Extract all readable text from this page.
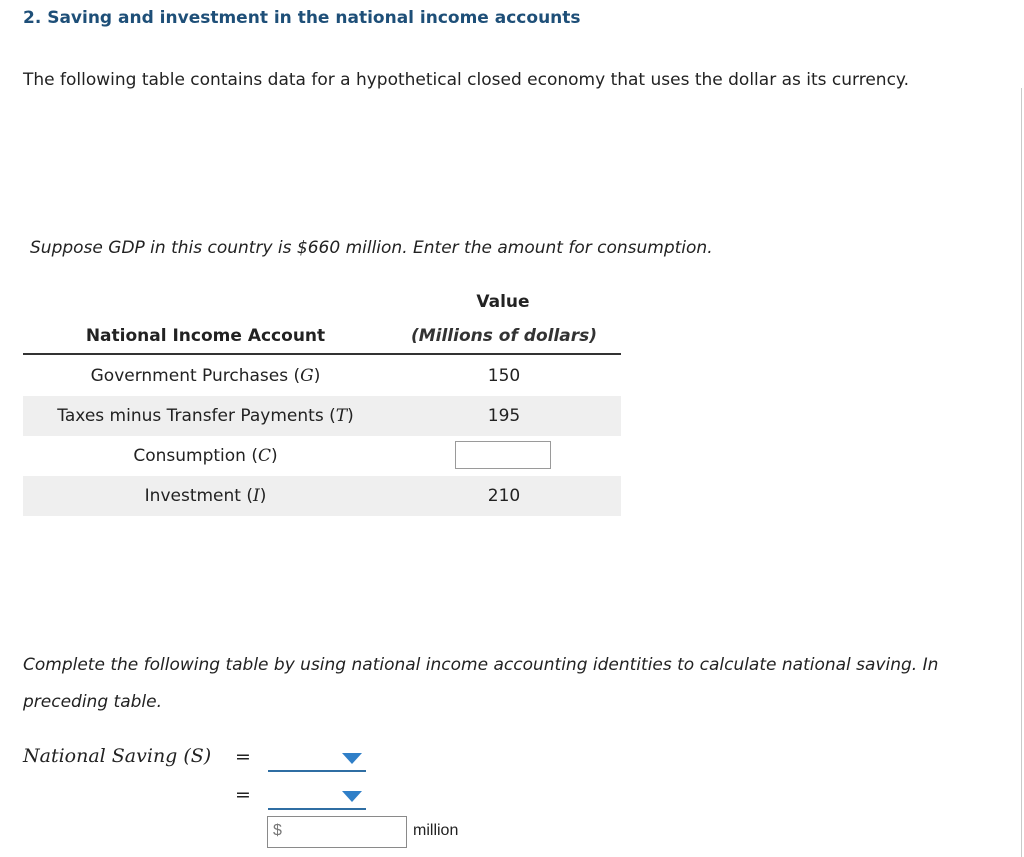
2. Saving and investment in the national income accounts
The following table contains data for a hypothetical closed economy that uses the dollar as its currency.
Suppose GDP in this country is $660 million. Enter the amount for consumption.
Value
National Income Account	(Millions of dollars)
Government Purchases (G)	150
Taxes minus Transfer Payments (T)	195
Consumption (C)
Investment (I)	210
Complete the following table by using national income accounting identities to calculate national saving. In
preceding table.
National Saving (S) =
=
$	million
